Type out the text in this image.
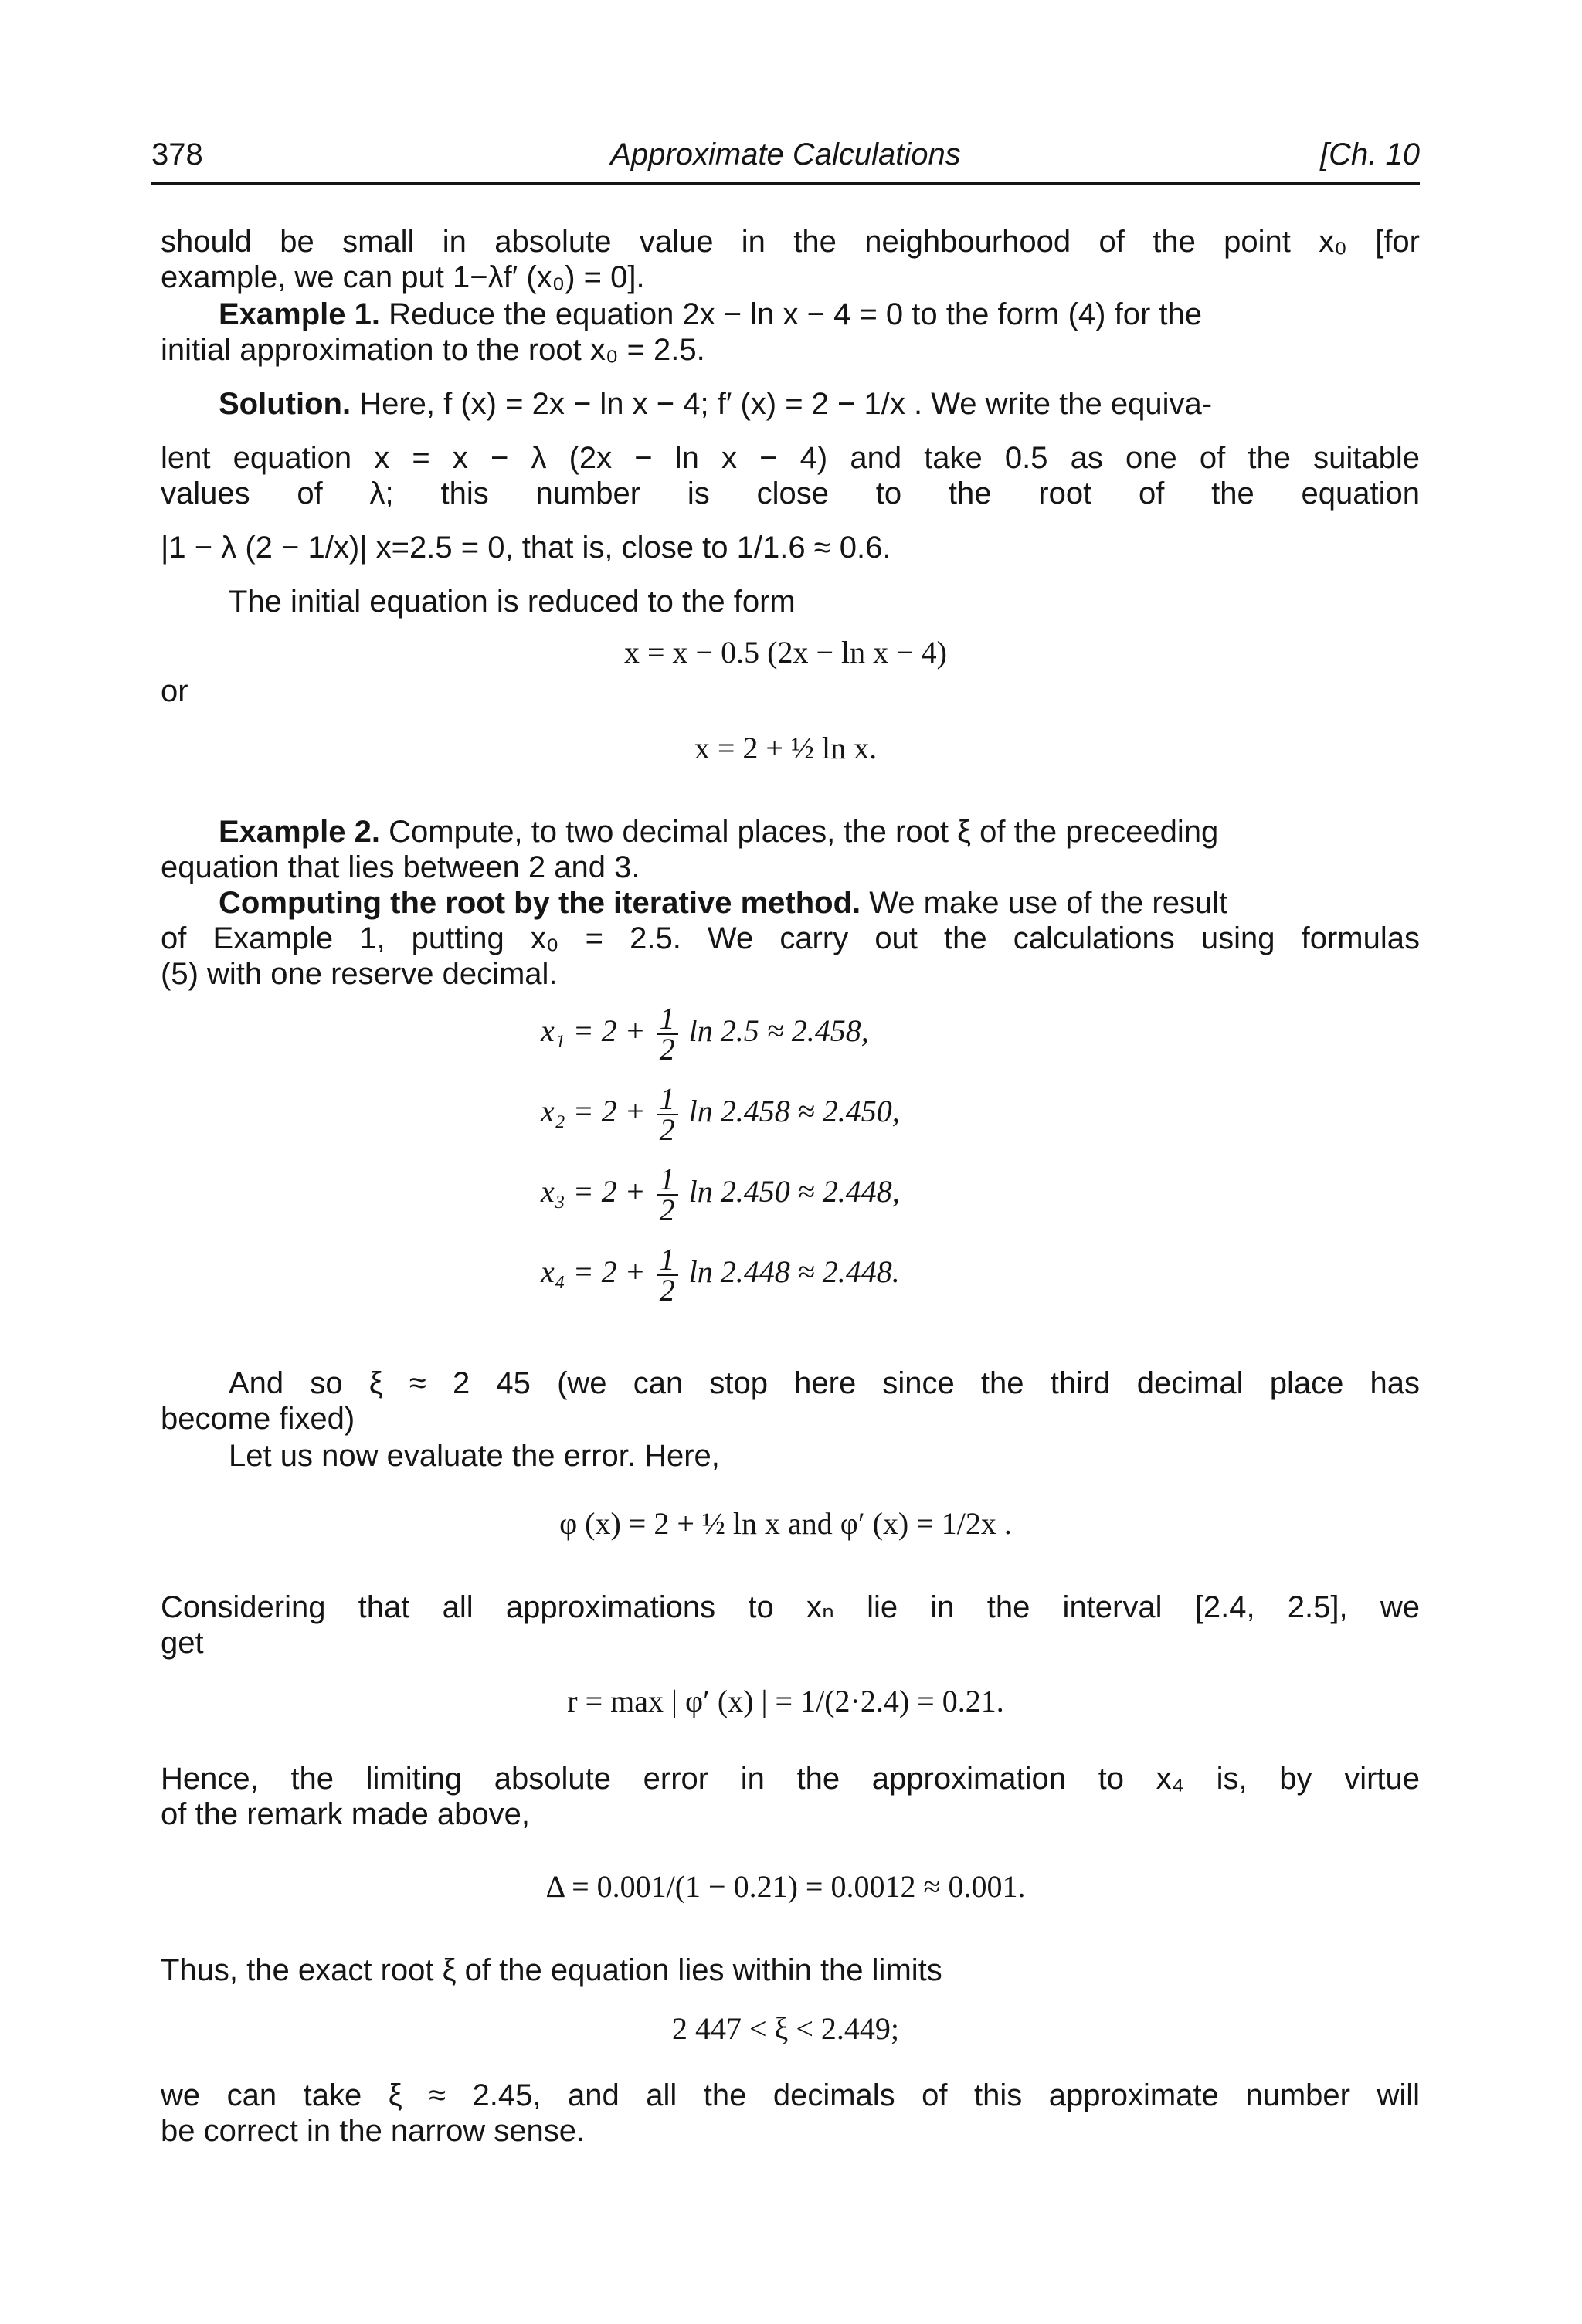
378	Approximate Calculations	[Ch. 10
should be small in absolute value in the neighbourhood of the point x₀ [for
example, we can put 1−λf′ (x₀) = 0].
Example 1. Reduce the equation 2x − ln x − 4 = 0 to the form (4) for the
initial approximation to the root x₀ = 2.5.
Solution. Here, f (x) = 2x − ln x − 4; f′ (x) = 2 − 1/x . We write the equiva-
lent equation x = x − λ (2x − ln x − 4) and take 0.5 as one of the suitable
values of λ; this number is close to the root of the equation
|1 − λ (2 − 1/x)| x=2.5 = 0, that is, close to 1/1.6 ≈ 0.6.
The initial equation is reduced to the form
x = x − 0.5 (2x − ln x − 4)
or
x = 2 + ½ ln x.
Example 2. Compute, to two decimal places, the root ξ of the preceeding
equation that lies between 2 and 3.
Computing the root by the iterative method. We make use of the result
of Example 1, putting x₀ = 2.5. We carry out the calculations using formulas
(5) with one reserve decimal.
$x_1 = 2 + \frac{1}{2}$ ln 2.5 ≈ 2.458,
$x_2 = 2 + \frac{1}{2}$ ln 2.458 ≈ 2.450,
$x_3 = 2 + \frac{1}{2}$ ln 2.450 ≈ 2.448,
$x_4 = 2 + \frac{1}{2}$ ln 2.448 ≈ 2.448.
And so ξ ≈ 2 45 (we can stop here since the third decimal place has
become fixed)
Let us now evaluate the error. Here,
φ (x) = 2 + ½ ln x and φ′ (x) = 1/2x .
Considering that all approximations to xₙ lie in the interval [2.4, 2.5], we
get
r = max | φ′ (x) | = 1/(2·2.4) = 0.21.
Hence, the limiting absolute error in the approximation to x₄ is, by virtue
of the remark made above,
Δ = 0.001/(1 − 0.21) = 0.0012 ≈ 0.001.
Thus, the exact root ξ of the equation lies within the limits
2 447 < ξ < 2.449;
we can take ξ ≈ 2.45, and all the decimals of this approximate number will
be correct in the narrow sense.
